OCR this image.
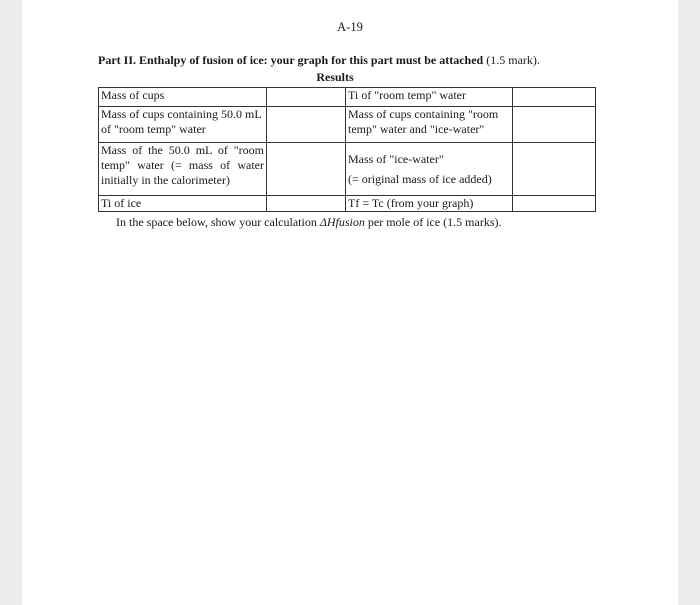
A-19
Part II. Enthalpy of fusion of ice: your graph for this part must be attached (1.5 mark).
Results
Mass of cups		Ti of "room temp" water	
Mass of cups containing 50.0 mL of "room temp" water		Mass of cups containing "room temp" water and "ice-water"	
Mass of the 50.0 mL of "room temp" water (= mass of water initially in the calorimeter)		Mass of "ice-water"
(= original mass of ice added)	

Ti of ice		Tf = Tc (from your graph)	
In the space below, show your calculation ΔHfusion per mole of ice (1.5 marks).
